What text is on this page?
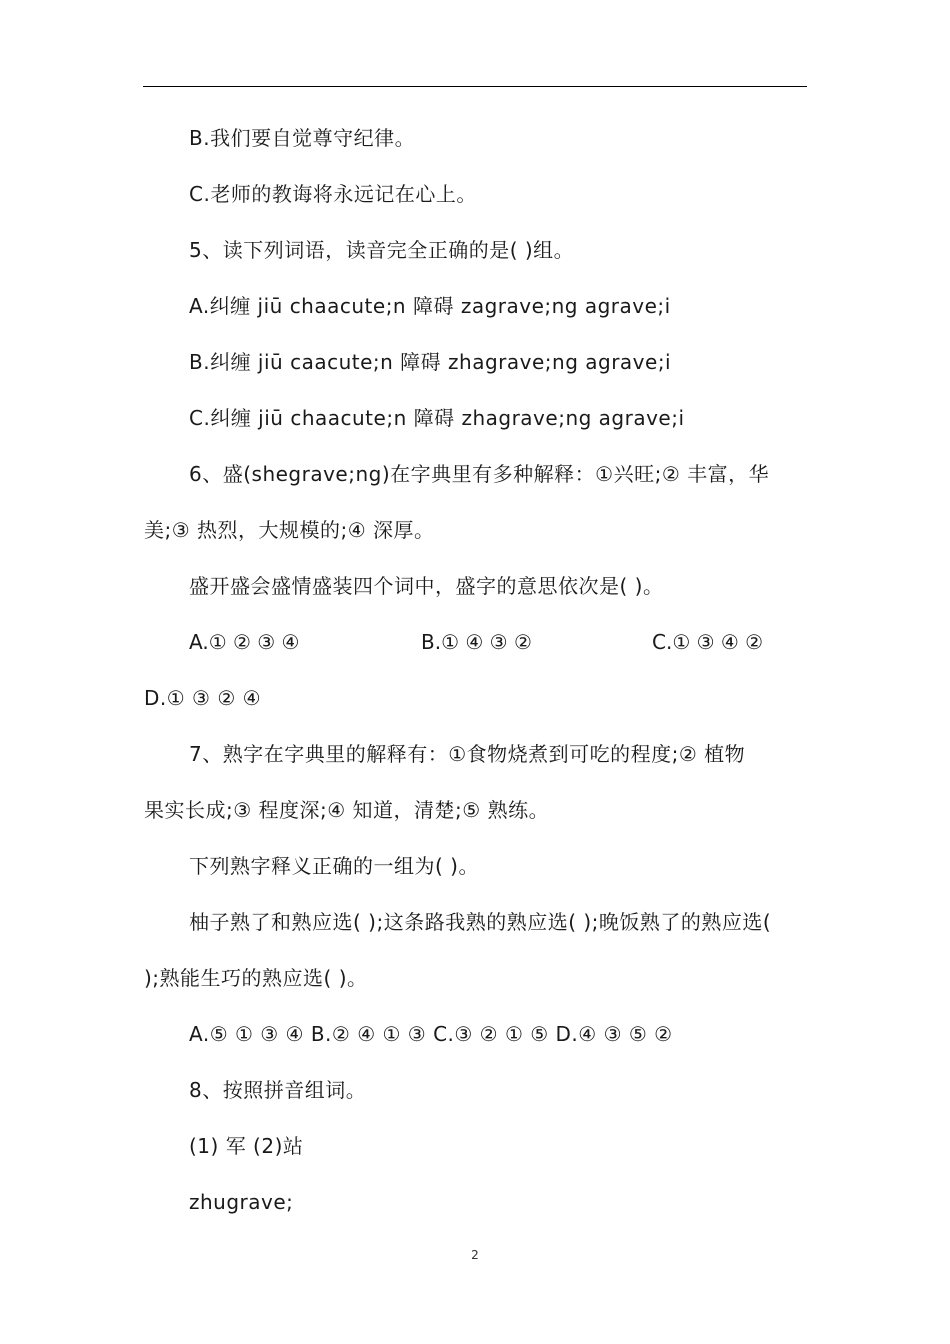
B.我们要自觉尊守纪律。
C.老师的教诲将永远记在心上。
5、读下列词语，读音完全正确的是( )组。
A.纠缠 jiū chaacute;n 障碍 zagrave;ng agrave;i
B.纠缠 jiū caacute;n 障碍 zhagrave;ng agrave;i
C.纠缠 jiū chaacute;n 障碍 zhagrave;ng agrave;i
6、盛(shegrave;ng)在字典里有多种解释：①兴旺;② 丰富，华
美;③ 热烈，大规模的;④ 深厚。
盛开盛会盛情盛装四个词中，盛字的意思依次是( )。
A.① ② ③ ④	B.① ④ ③ ②	C.① ③ ④ ②
D.① ③ ② ④
7、熟字在字典里的解释有：①食物烧煮到可吃的程度;② 植物
果实长成;③ 程度深;④ 知道，清楚;⑤ 熟练。
下列熟字释义正确的一组为( )。
柚子熟了和熟应选( );这条路我熟的熟应选( );晚饭熟了的熟应选(
);熟能生巧的熟应选( )。
A.⑤ ① ③ ④ B.② ④ ① ③ C.③ ② ① ⑤ D.④ ③ ⑤ ②
8、按照拼音组词。
(1) 军 (2)站
zhugrave;
2
